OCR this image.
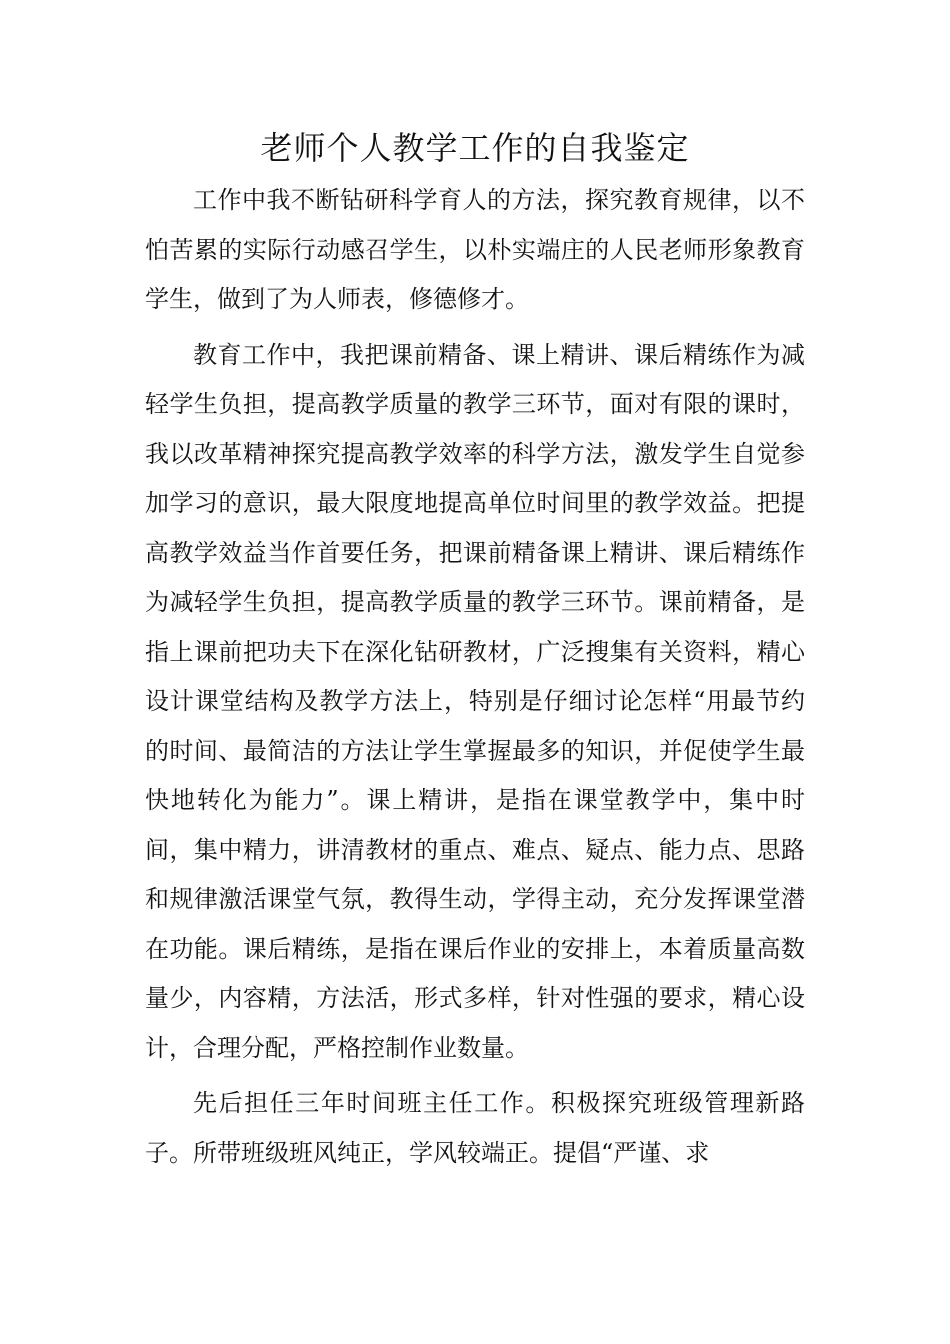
老师个人教学工作的自我鉴定

工作中我不断钻研科学育人的方法，探究教育规律，以不怕苦累的实际行动感召学生，以朴实端庄的人民老师形象教育学生，做到了为人师表，修德修才。

教育工作中，我把课前精备、课上精讲、课后精练作为减轻学生负担，提高教学质量的教学三环节，面对有限的课时，我以改革精神探究提高教学效率的科学方法，激发学生自觉参加学习的意识，最大限度地提高单位时间里的教学效益。把提高教学效益当作首要任务，把课前精备课上精讲、课后精练作为减轻学生负担，提高教学质量的教学三环节。课前精备，是指上课前把功夫下在深化钻研教材，广泛搜集有关资料，精心设计课堂结构及教学方法上，特别是仔细讨论怎样“用最节约的时间、最简洁的方法让学生掌握最多的知识，并促使学生最快地转化为能力”。课上精讲，是指在课堂教学中，集中时间，集中精力，讲清教材的重点、难点、疑点、能力点、思路和规律激活课堂气氛，教得生动，学得主动，充分发挥课堂潜在功能。课后精练，是指在课后作业的安排上，本着质量高数量少，内容精，方法活，形式多样，针对性强的要求，精心设计，合理分配，严格控制作业数量。

先后担任三年时间班主任工作。积极探究班级管理新路子。所带班级班风纯正，学风较端正。提倡“严谨、求
